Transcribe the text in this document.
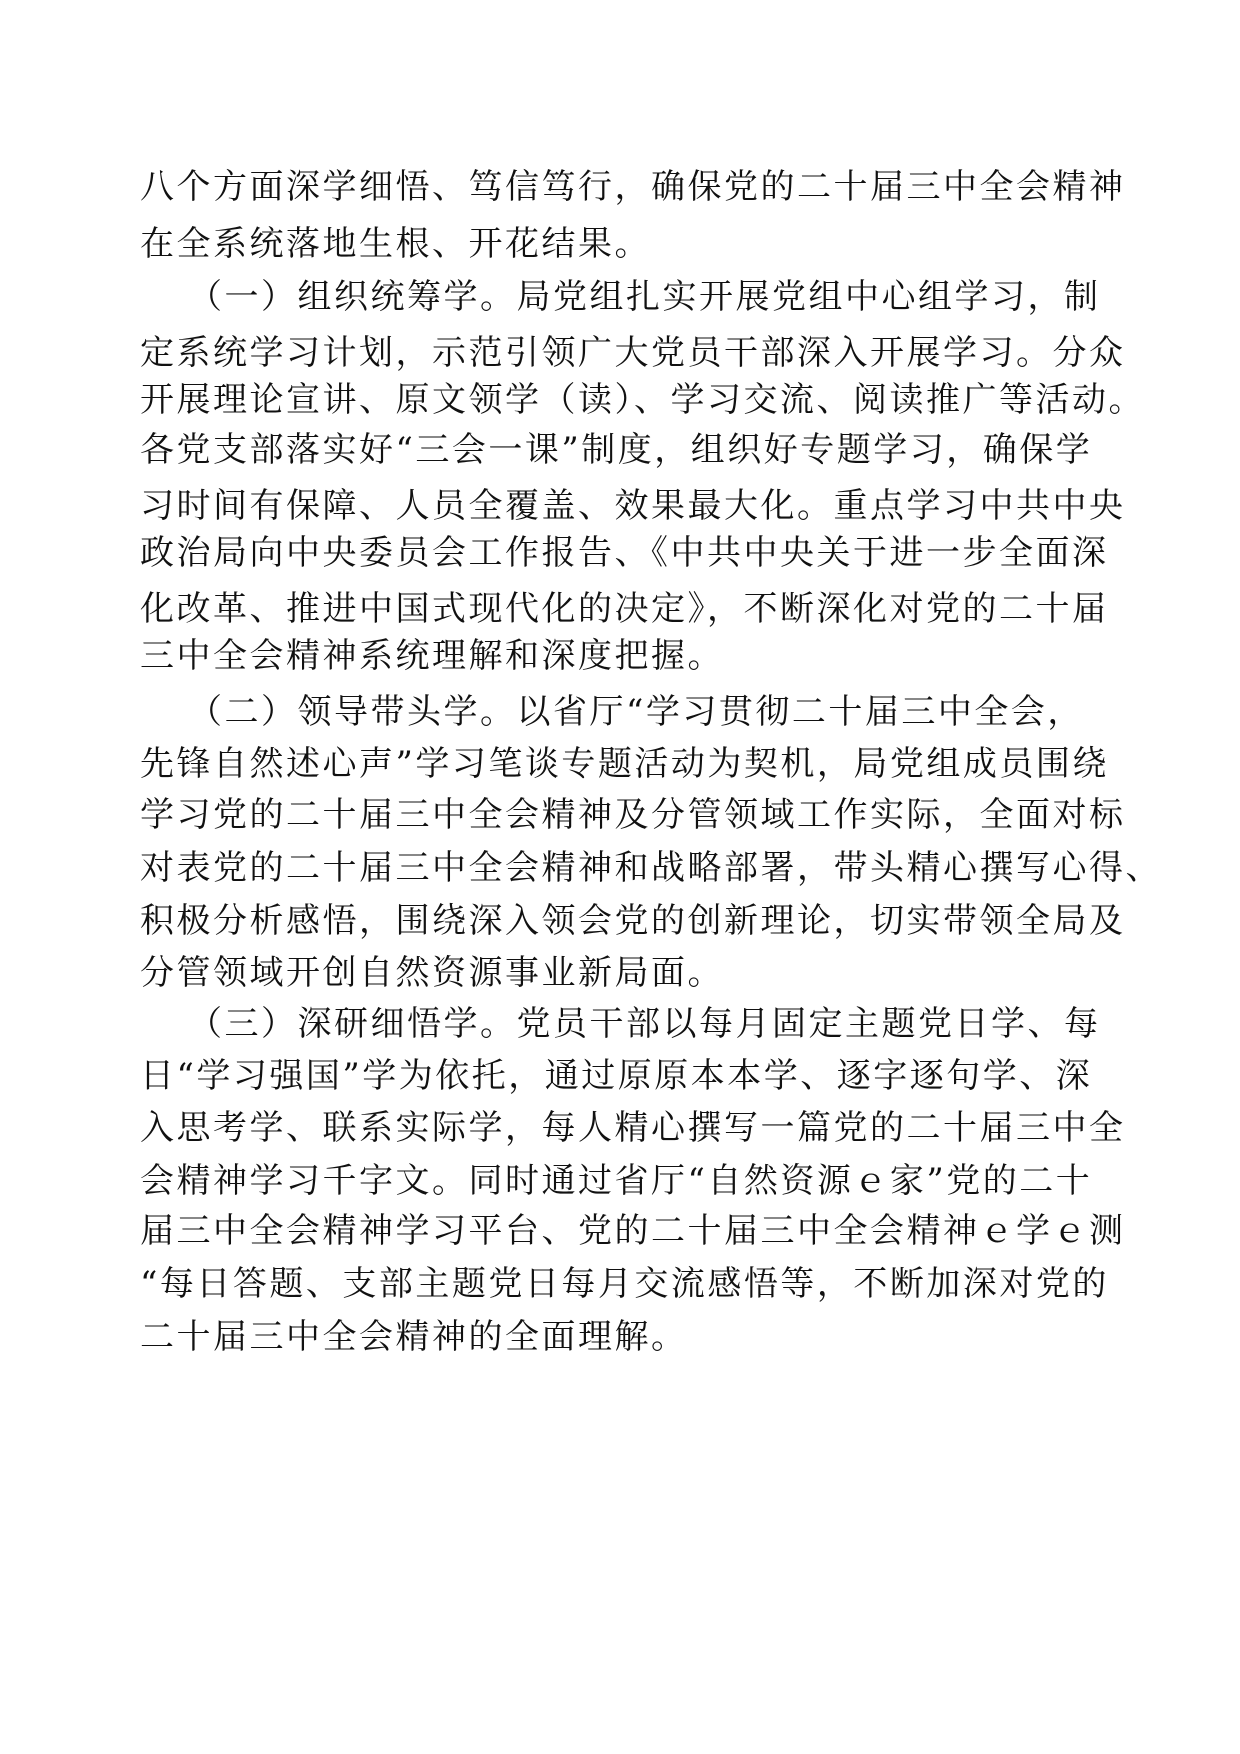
八个方面深学细悟、笃信笃行，确保党的二十届三中全会精神
在全系统落地生根、开花结果。
（一）组织统筹学。局党组扎实开展党组中心组学习，制
定系统学习计划，示范引领广大党员干部深入开展学习。分众
开展理论宣讲、原文领学（读）、学习交流、阅读推广等活动。
各党支部落实好“三会一课”制度，组织好专题学习，确保学
习时间有保障、人员全覆盖、效果最大化。重点学习中共中央
政治局向中央委员会工作报告、《中共中央关于进一步全面深
化改革、推进中国式现代化的决定》，不断深化对党的二十届
三中全会精神系统理解和深度把握。
（二）领导带头学。以省厅“学习贯彻二十届三中全会，
先锋自然述心声”学习笔谈专题活动为契机，局党组成员围绕
学习党的二十届三中全会精神及分管领域工作实际，全面对标
对表党的二十届三中全会精神和战略部署，带头精心撰写心得、
积极分析感悟，围绕深入领会党的创新理论，切实带领全局及
分管领域开创自然资源事业新局面。
（三）深研细悟学。党员干部以每月固定主题党日学、每
日“学习强国”学为依托，通过原原本本学、逐字逐句学、深
入思考学、联系实际学，每人精心撰写一篇党的二十届三中全
会精神学习千字文。同时通过省厅“自然资源ｅ家”党的二十
届三中全会精神学习平台、党的二十届三中全会精神ｅ学ｅ测
“每日答题、支部主题党日每月交流感悟等，不断加深对党的
二十届三中全会精神的全面理解。
